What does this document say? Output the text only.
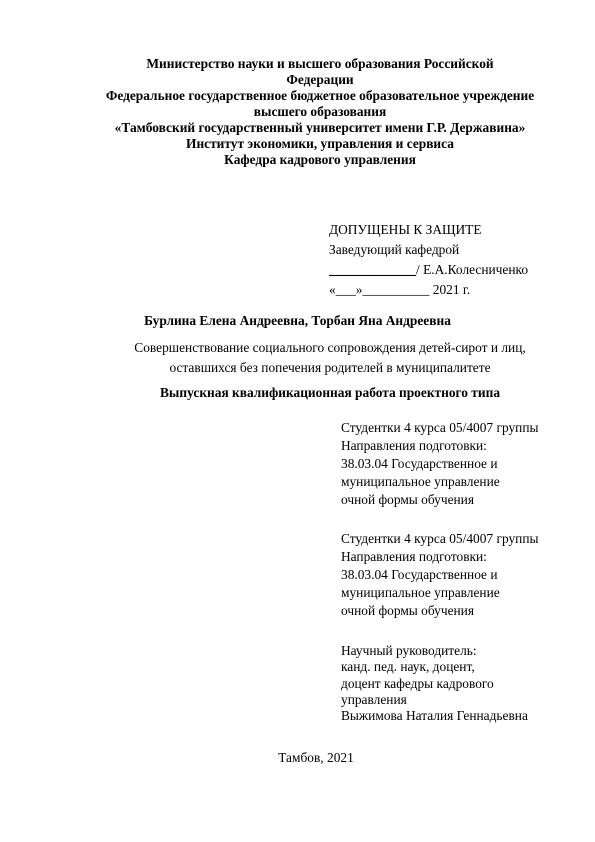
Министерство науки и высшего образования Российской
Федерации
Федеральное государственное бюджетное образовательное учреждение
высшего образования
«Тамбовский государственный университет имени Г.Р. Державина»
Институт экономики, управления и сервиса
Кафедра кадрового управления
ДОПУЩЕНЫ К ЗАЩИТЕ
Заведующий кафедрой
_____________/ Е.А.Колесниченко
«___»__________ 2021 г.
Бурлина Елена Андреевна, Торбан Яна Андреевна
Совершенствование социального сопровождения детей-сирот и лиц,
оставшихся без попечения родителей в муниципалитете
Выпускная квалификационная работа проектного типа
Студентки 4 курса 05/4007 группы
Направления подготовки:
38.03.04 Государственное и
муниципальное управление
очной формы обучения
Студентки 4 курса 05/4007 группы
Направления подготовки:
38.03.04 Государственное и
муниципальное управление
очной формы обучения
Научный руководитель:
канд. пед. наук, доцент,
доцент кафедры кадрового
управления
Выжимова Наталия Геннадьевна
Тамбов, 2021
